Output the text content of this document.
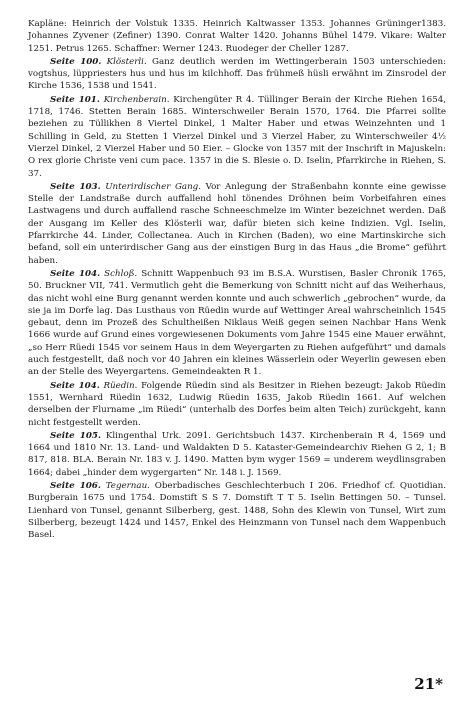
Kapläne: Heinrich der Volstuk 1335. Heinrich Kaltwasser 1353. Johannes Grüninger1383. Johannes Zyvener (Zefiner) 1390. Conrat Walter 1420. Johanns Bühel 1479. Vikare: Walter 1251. Petrus 1265. Schaffner: Werner 1243. Ruodeger der Cheller 1287.

Seite 100. Klösterli. Ganz deutlich werden im Wettingerberain 1503 unterschieden: vogtshus, lüppriesters hus und hus im kilchhoff. Das frühmeß hüsli erwähnt im Zinsrodel der Kirche 1536, 1538 und 1541.

Seite 101. Kirchenberain. Kirchengüter R 4. Tüllinger Berain der Kirche Riehen 1654, 1718, 1746. Stetten Berain 1685. Winterschweiler Berain 1570, 1764. Die Pfarrei sollte beziehen zu Tüllikhen 8 Viertel Dinkel, 1 Malter Haber und etwas Weinzehnten und 1 Schilling in Geld, zu Stetten 1 Vierzel Dinkel und 3 Vierzel Haber, zu Winterschweiler 4½ Vierzel Dinkel, 2 Vierzel Haber und 50 Eier. – Glocke von 1357 mit der Inschrift in Majuskeln: O rex glorie Christe veni cum pace. 1357 in die S. Blesie o. D. Iselin, Pfarrkirche in Riehen, S. 37.

Seite 103. Unterirdischer Gang. Vor Anlegung der Straßenbahn konnte eine gewisse Stelle der Landstraße durch auffallend hohl tönendes Dröhnen beim Vorbeifahren eines Lastwagens und durch auffallend rasche Schneeschmelze im Winter bezeichnet werden. Daß der Ausgang im Keller des Klösterli war, dafür bieten sich keine Indizien. Vgl. Iselin, Pfarrkirche 44. Linder, Collectanea. Auch in Kirchen (Baden), wo eine Martinskirche sich befand, soll ein unterirdischer Gang aus der einstigen Burg in das Haus „die Brome“ geführt haben.

Seite 104. Schloß. Schnitt Wappenbuch 93 im B.S.A. Wurstisen, Basler Chronik 1765, 50. Bruckner VII, 741. Vermutlich geht die Bemerkung von Schnitt nicht auf das Weiherhaus, das nicht wohl eine Burg genannt werden konnte und auch schwerlich „gebrochen“ wurde, da sie ja im Dorfe lag. Das Lusthaus von Rüedin wurde auf Wettinger Areal wahrscheinlich 1545 gebaut, denn im Prozeß des Schultheißen Niklaus Weiß gegen seinen Nachbar Hans Wenk 1666 wurde auf Grund eines vorgewiesenen Dokuments vom Jahre 1545 eine Mauer erwähnt, „so Herr Rüedi 1545 vor seinem Haus in dem Weyergarten zu Riehen aufgeführt“ und damals auch festgestellt, daß noch vor 40 Jahren ein kleines Wässerlein oder Weyerlin gewesen eben an der Stelle des Weyergartens. Gemeindeakten R 1.

Seite 104. Rüedin. Folgende Rüedin sind als Besitzer in Riehen bezeugt: Jakob Rüedin 1551, Wernhard Rüedin 1632, Ludwig Rüedin 1635, Jakob Rüedin 1661. Auf welchen derselben der Flurname „im Rüedi“ (unterhalb des Dorfes beim alten Teich) zurückgeht, kann nicht festgestellt werden.

Seite 105. Klingenthal Urk. 2091. Gerichtsbuch 1437. Kirchenberain R 4, 1569 und 1664 und 1810 Nr. 13. Land- und Waldakten D 5. Kataster-Gemeindearchiv Riehen G 2, 1; B 817, 818. BLA. Berain Nr. 183 v. J. 1490. Matten bym wyger 1569 = underem weydlinsgraben 1664; dabei „hinder dem wygergarten“ Nr. 148 i. J. 1569.

Seite 106. Tegernau. Oberbadisches Geschlechterbuch I 206. Friedhof cf. Quotidian. Burgberain 1675 und 1754. Domstift S S 7. Domstift T T 5. Iselin Bettingen 50. – Tunsel. Lienhard von Tunsel, genannt Silberberg, gest. 1488, Sohn des Klewin von Tunsel, Wirt zum Silberberg, bezeugt 1424 und 1457, Enkel des Heinzmann von Tunsel nach dem Wappenbuch Basel.

21*
